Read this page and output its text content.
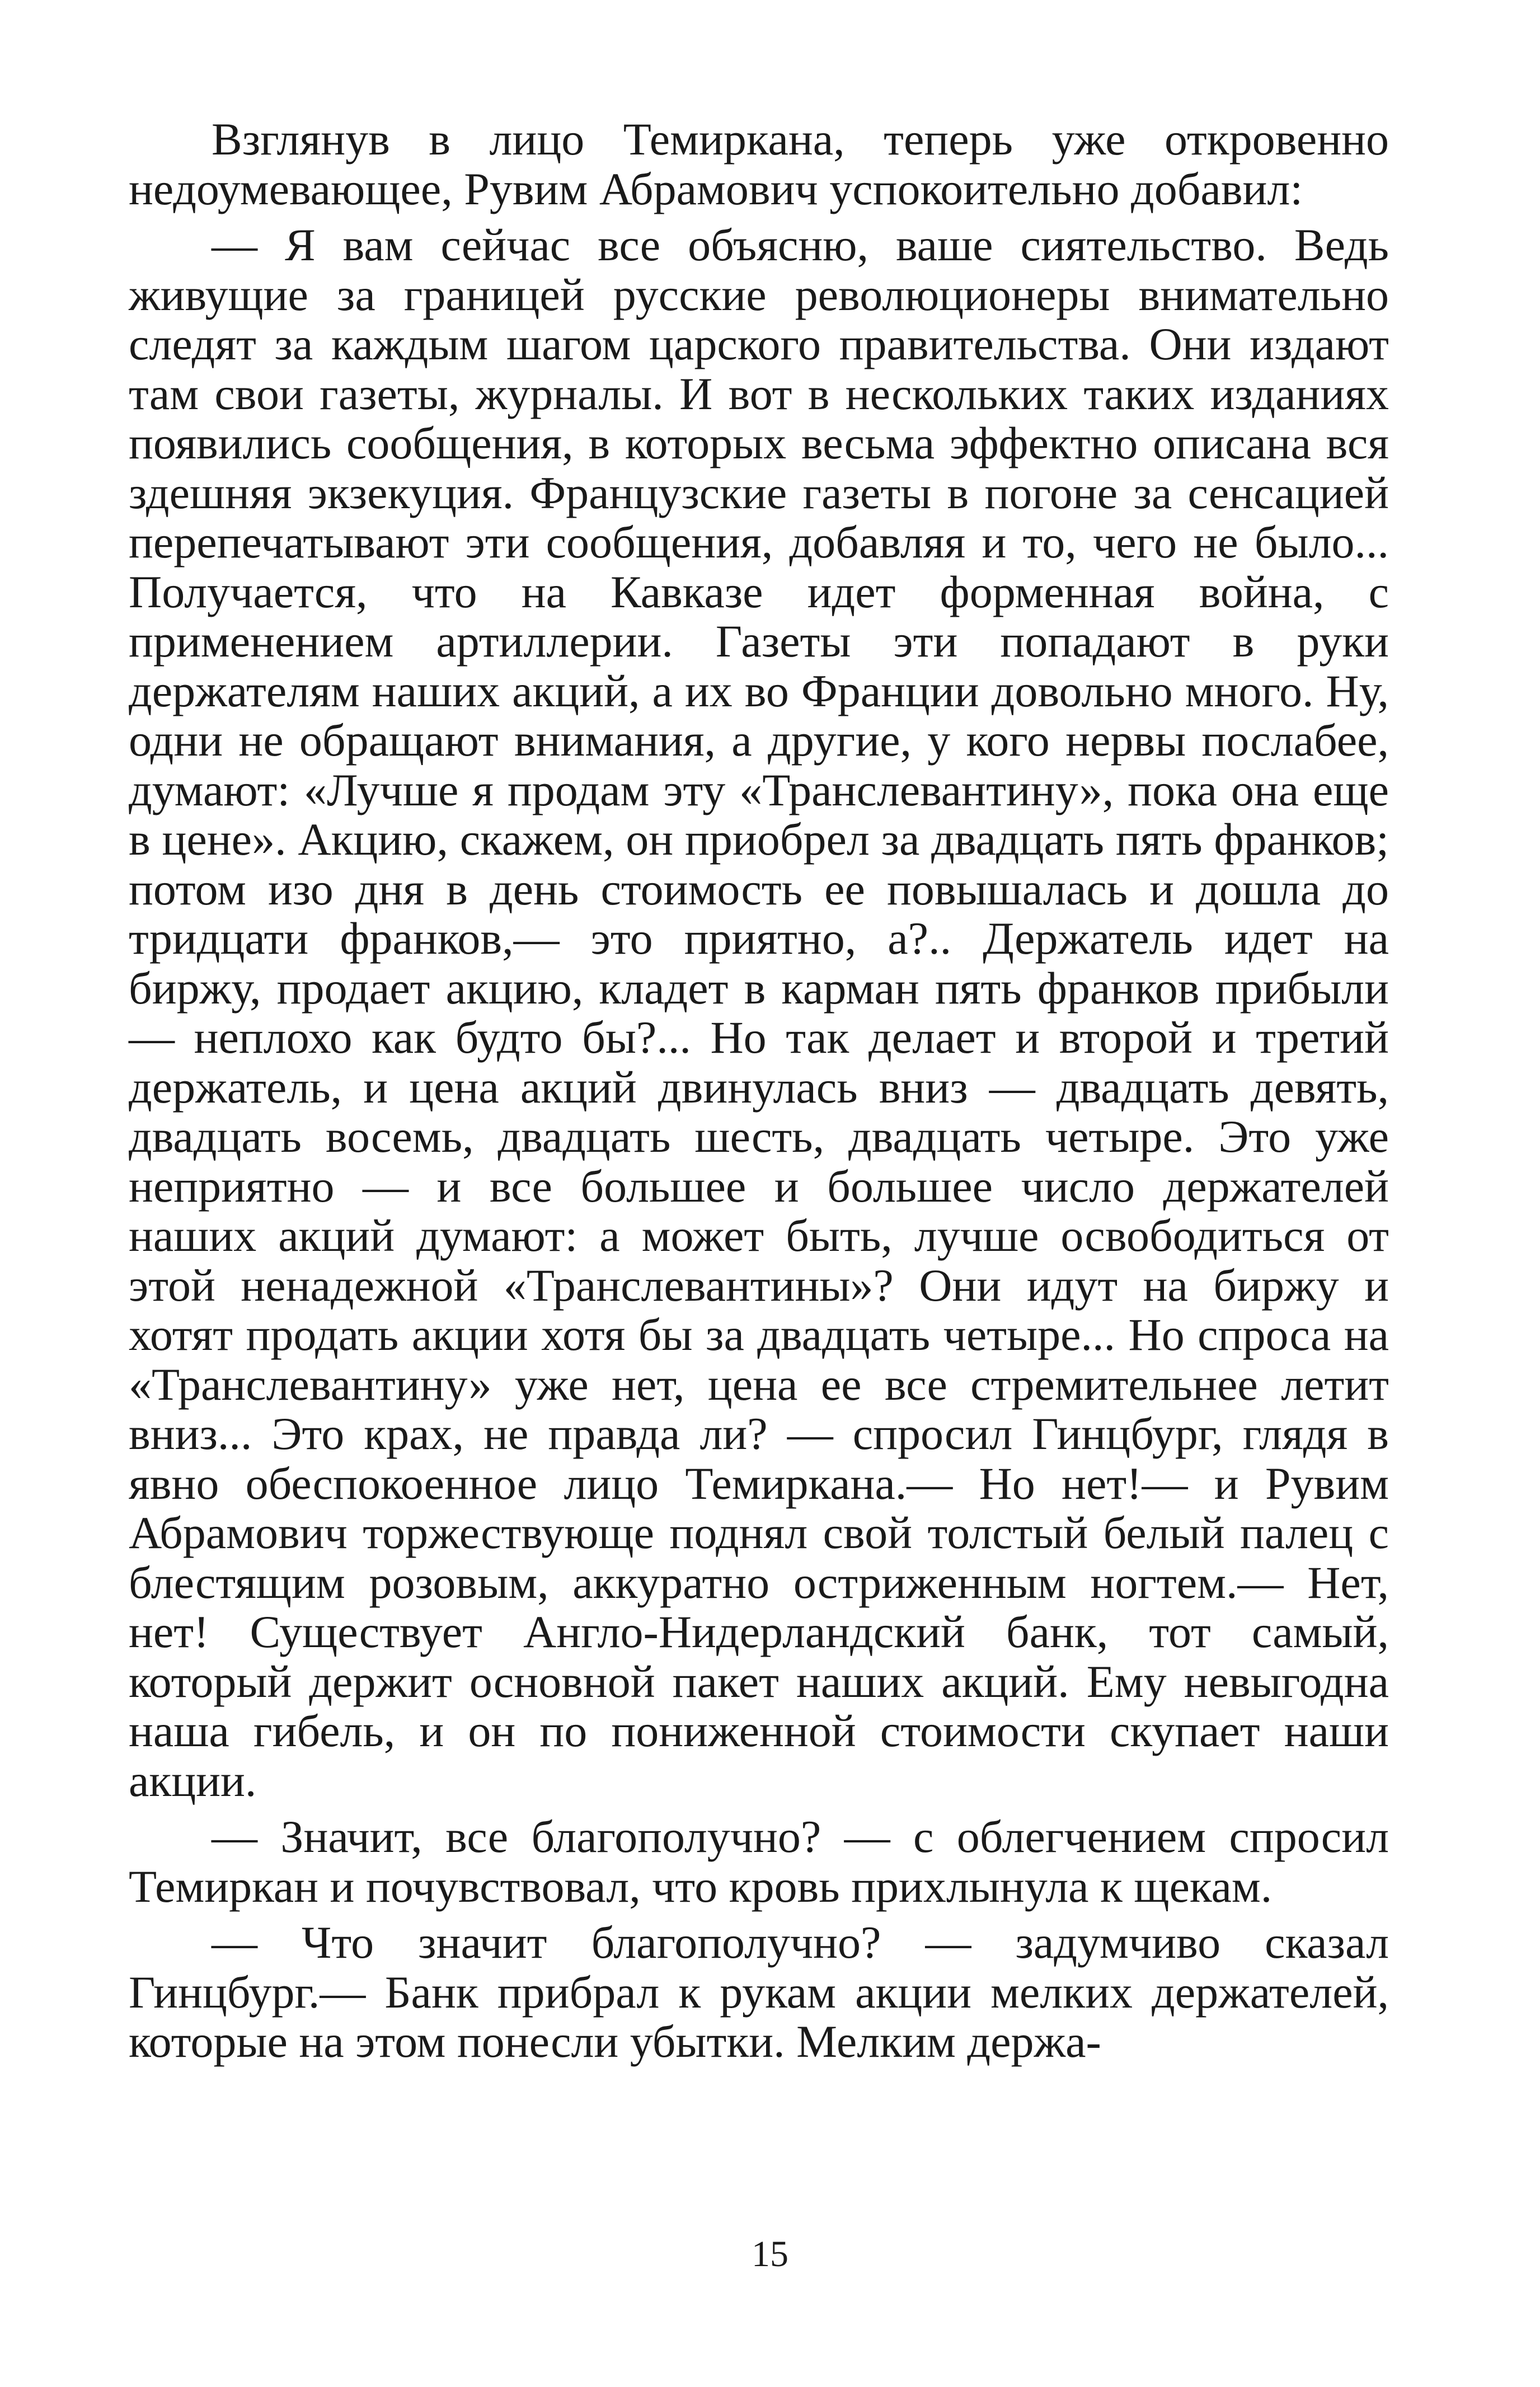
Взглянув в лицо Темиркана, теперь уже откровенно недоумевающее, Рувим Абрамович успокоительно добавил:

— Я вам сейчас все объясню, ваше сиятельство. Ведь живущие за границей русские революционеры внимательно следят за каждым шагом царского правительства. Они издают там свои газеты, журналы. И вот в нескольких таких изданиях появились сообщения, в которых весьма эффектно описана вся здешняя экзекуция. Французские газеты в погоне за сенсацией перепечатывают эти сообщения, добавляя и то, чего не было... Получается, что на Кавказе идет форменная война, с применением артиллерии. Газеты эти попадают в руки держателям наших акций, а их во Франции довольно много. Ну, одни не обращают внимания, а другие, у кого нервы послабее, думают: «Лучше я продам эту «Транслевантину», пока она еще в цене». Акцию, скажем, он приобрел за двадцать пять франков; потом изо дня в день стоимость ее повышалась и дошла до тридцати франков,— это приятно, а?.. Держатель идет на биржу, продает акцию, кладет в карман пять франков прибыли — неплохо как будто бы?... Но так делает и второй и третий держатель, и цена акций двинулась вниз — двадцать девять, двадцать восемь, двадцать шесть, двадцать четыре. Это уже неприятно — и все большее и большее число держателей наших акций думают: а может быть, лучше освободиться от этой ненадежной «Транслевантины»? Они идут на биржу и хотят продать акции хотя бы за двадцать четыре... Но спроса на «Транслевантину» уже нет, цена ее все стремительнее летит вниз... Это крах, не правда ли? — спросил Гинцбург, глядя в явно обеспокоенное лицо Темиркана.— Но нет!— и Рувим Абрамович торжествующе поднял свой толстый белый палец с блестящим розовым, аккуратно остриженным ногтем.— Нет, нет! Существует Англо-Нидерландский банк, тот самый, который держит основной пакет наших акций. Ему невыгодна наша гибель, и он по пониженной стоимости скупает наши акции.

— Значит, все благополучно? — с облегчением спросил Темиркан и почувствовал, что кровь прихлынула к щекам.

— Что значит благополучно? — задумчиво сказал Гинцбург.— Банк прибрал к рукам акции мелких держателей, которые на этом понесли убытки. Мелким держа-

15
